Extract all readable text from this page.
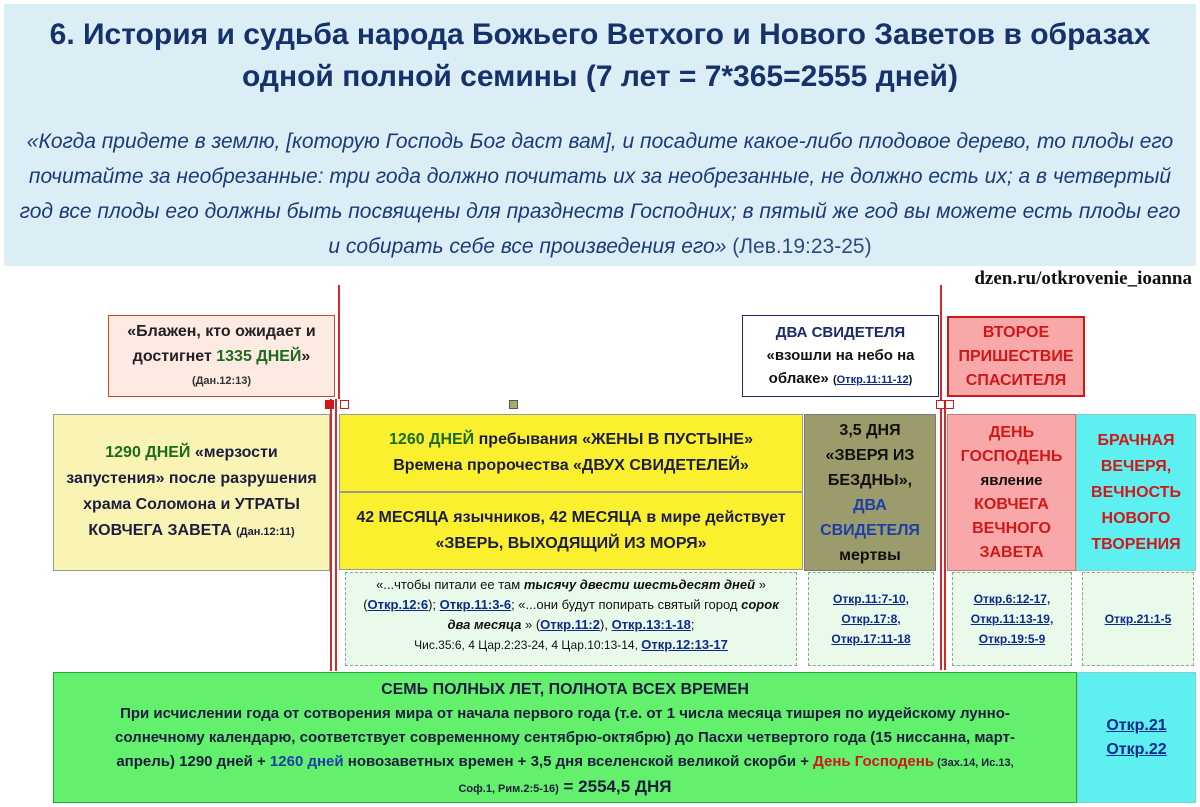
6. История и судьба народа Божьего Ветхого и Нового Заветов в образах
одной полной семины (7 лет = 7*365=2555 дней)
«Когда придете в землю, [которую Господь Бог даст вам], и посадите какое-либо плодовое дерево, то плоды его почитайте за необрезанные: три года должно почитать их за необрезанные, не должно есть их; а в четвертый год все плоды его должны быть посвящены для празднеств Господних; в пятый же год вы можете есть плоды его и собирать себе все произведения его» (Лев.19:23-25)
dzen.ru/otkrovenie_ioanna
«Блажен, кто ожидает и
достигнет 1335 ДНЕЙ»
(Дан.12:13)
ДВА СВИДЕТЕЛЯ
«взошли на небо на облаке» (Откр.11:11-12)
ВТОРОЕ
ПРИШЕСТВИЕ
СПАСИТЕЛЯ
1290 ДНЕЙ «мерзости запустения» после разрушения храма Соломона и УТРАТЫ КОВЧЕГА ЗАВЕТА (Дан.12:11)
1260 ДНЕЙ пребывания «ЖЕНЫ В ПУСТЫНЕ»
Времена пророчества «ДВУХ СВИДЕТЕЛЕЙ»
42 МЕСЯЦА язычников, 42 МЕСЯЦА в мире действует
«ЗВЕРЬ, ВЫХОДЯЩИЙ ИЗ МОРЯ»
3,5 ДНЯ
«ЗВЕРЯ ИЗ БЕЗДНЫ», ДВА СВИДЕТЕЛЯ
мертвы
ДЕНЬ
ГОСПОДЕНЬ
явление
КОВЧЕГА
ВЕЧНОГО
ЗАВЕТА
БРАЧНАЯ
ВЕЧЕРЯ,
ВЕЧНОСТЬ
НОВОГО
ТВОРЕНИЯ
«...чтобы питали ее там тысячу двести шестьдесят дней » (Откр.12:6); Откр.11:3-6; «...они будут попирать святый город сорок два месяца » (Откр.11:2), Откр.13:1-18;
Чис.35:6, 4 Цар.2:23-24, 4 Цар.10:13-14, Откр.12:13-17
Откр.11:7-10,
Откр.17:8,
Откр.17:11-18
Откр.6:12-17,
Откр.11:13-19,
Откр.19:5-9
Откр.21:1-5
СЕМЬ ПОЛНЫХ ЛЕТ, ПОЛНОТА ВСЕХ ВРЕМЕН
При исчислении года от сотворения мира от начала первого года (т.е. от 1 числа месяца тишрея по иудейскому лунно-
солнечному календарю, соответствует современному сентябрю-октябрю) до Пасхи четвертого года (15 ниссанна, март-
апрель) 1290 дней + 1260 дней новозаветных времен + 3,5 дня вселенской великой скорби + День Господень (Зах.14, Ис.13,
Соф.1, Рим.2:5-16) = 2554,5 ДНЯ
Откр.21
Откр.22
